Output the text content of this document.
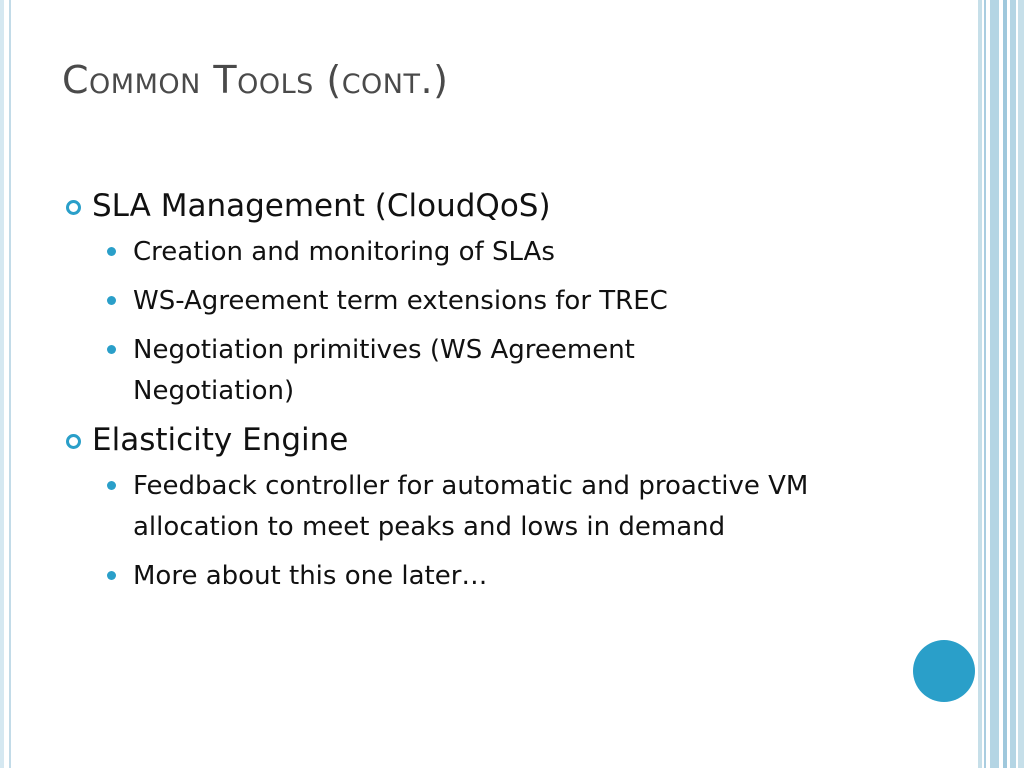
Common Tools (cont.)
SLA Management (CloudQoS)
Creation and monitoring of SLAs
WS-Agreement term extensions for TREC
Negotiation primitives (WS Agreement Negotiation)
Elasticity Engine
Feedback controller for automatic and proactive VM allocation to meet peaks and lows in demand
More about this one later…
